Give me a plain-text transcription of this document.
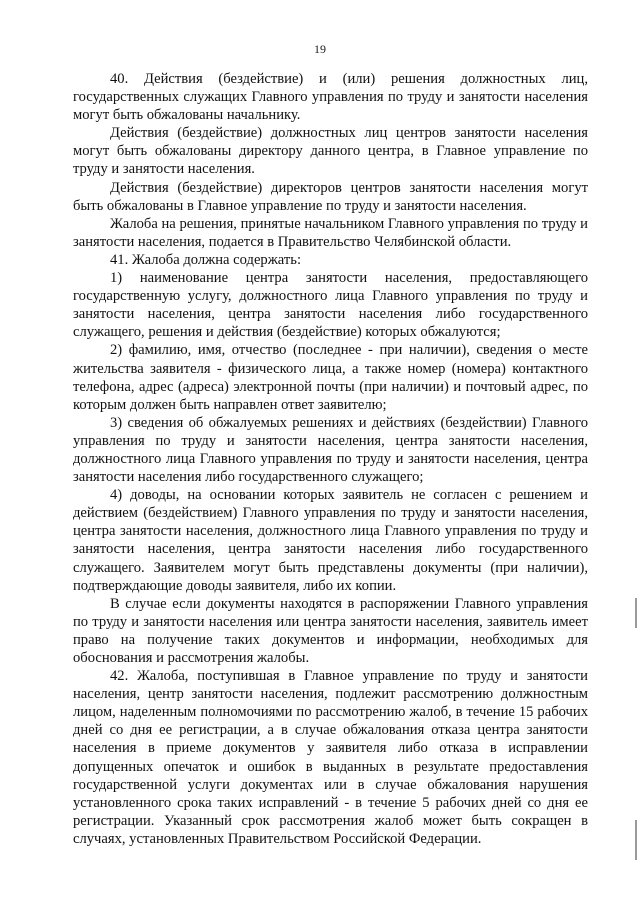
19

40. Действия (бездействие) и (или) решения должностных лиц, государственных служащих Главного управления по труду и занятости населения могут быть обжалованы начальнику.

Действия (бездействие) должностных лиц центров занятости населения могут быть обжалованы директору данного центра, в Главное управление по труду и занятости населения.

Действия (бездействие) директоров центров занятости населения могут быть обжалованы в Главное управление по труду и занятости населения.

Жалоба на решения, принятые начальником Главного управления по труду и занятости населения, подается в Правительство Челябинской области.

41. Жалоба должна содержать:

1) наименование центра занятости населения, предоставляющего государственную услугу, должностного лица Главного управления по труду и занятости населения, центра занятости населения либо государственного служащего, решения и действия (бездействие) которых обжалуются;

2) фамилию, имя, отчество (последнее - при наличии), сведения о месте жительства заявителя - физического лица, а также номер (номера) контактного телефона, адрес (адреса) электронной почты (при наличии) и почтовый адрес, по которым должен быть направлен ответ заявителю;

3) сведения об обжалуемых решениях и действиях (бездействии) Главного управления по труду и занятости населения, центра занятости населения, должностного лица Главного управления по труду и занятости населения, центра занятости населения либо государственного служащего;

4) доводы, на основании которых заявитель не согласен с решением и действием (бездействием) Главного управления по труду и занятости населения, центра занятости населения, должностного лица Главного управления по труду и занятости населения, центра занятости населения либо государственного служащего. Заявителем могут быть представлены документы (при наличии), подтверждающие доводы заявителя, либо их копии.

В случае если документы находятся в распоряжении Главного управления по труду и занятости населения или центра занятости населения, заявитель имеет право на получение таких документов и информации, необходимых для обоснования и рассмотрения жалобы.

42. Жалоба, поступившая в Главное управление по труду и занятости населения, центр занятости населения, подлежит рассмотрению должностным лицом, наделенным полномочиями по рассмотрению жалоб, в течение 15 рабочих дней со дня ее регистрации, а в случае обжалования отказа центра занятости населения в приеме документов у заявителя либо отказа в исправлении допущенных опечаток и ошибок в выданных в результате предоставления государственной услуги документах или в случае обжалования нарушения установленного срока таких исправлений - в течение 5 рабочих дней со дня ее регистрации. Указанный срок рассмотрения жалоб может быть сокращен в случаях, установленных Правительством Российской Федерации.
